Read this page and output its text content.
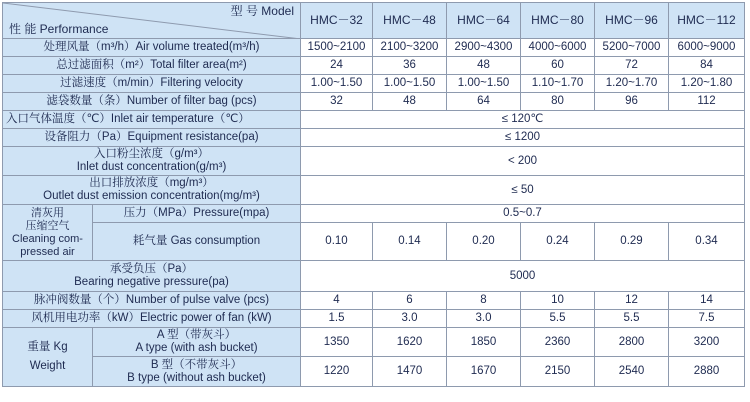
型 号 Model
性 能 Performance		HMC－32	HMC－48	HMC－64	HMC－80	HMC－96	HMC－112
处理风量（m³/h）Air volume treated(m³/h)		1500~2100	2100~3200	2900~4300	4000~6000	5200~7000	6000~9000
总过滤面积（m²）Total filter area(m²)		24	36	48	60	72	84
过滤速度（m/min）Filtering velocity		1.00~1.50	1.00~1.50	1.00~1.50	1.10~1.70	1.20~1.70	1.20~1.80
滤袋数量（条）Number of filter bag (pcs)		32	48	64	80	96	112
入口气体温度（℃）Inlet air temperature（℃）		≤ 120℃					
设备阻力（Pa）Equipment resistance(pa)		≤ 1200					

入口粉尘浓度（g/m³）
Inlet dust concentration(g/m³)		< 200					

出口排放浓度（mg/m³）
Outlet dust emission concentration(mg/m³)		≤ 50					

清灰用
压缩空气
Cleaning com-
pressed air	压力（MPa）Pressure(mpa)	0.5~0.7					
	耗气量 Gas consumption	0.10	0.14	0.20	0.24	0.29	0.34

承受负压（Pa）
Bearing negative pressure(pa)		5000					
脉冲阀数量（个）Number of pulse valve (pcs)		4	6	8	10	12	14
风机用电功率（kW）Electric power of fan (kW)		1.5	3.0	3.0	5.5	5.5	7.5

重量 Kg
Weight	A 型（带灰斗）
A type (with ash bucket)	1350	1620	1850	2360	2800	3200

	B 型（不带灰斗）
B type (without ash bucket)	1220	1470	1670	2150	2540	2880
